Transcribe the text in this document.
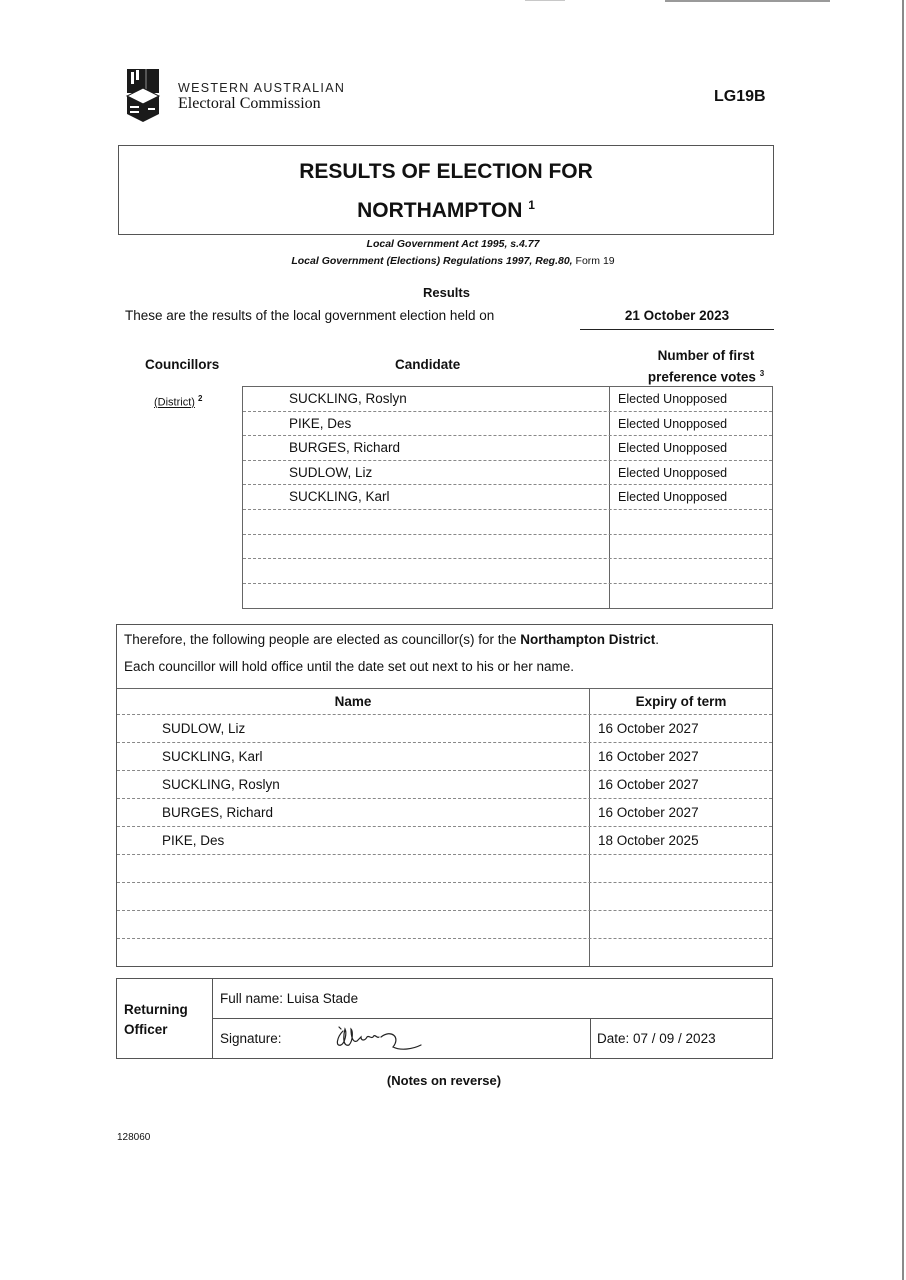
WESTERN AUSTRALIAN
Electoral Commission	LG19B
RESULTS OF ELECTION FOR
NORTHAMPTON $^1$
Local Government Act 1995, s.4.77
Local Government (Elections) Regulations 1997, Reg.80, Form 19
Results
These are the results of the local government election held on	21 October 2023
Councillors	Candidate
Number of first
preference votes $^3$
(District) $^2$	SUCKLING, Roslyn	Elected Unopposed
PIKE, Des	Elected Unopposed
BURGES, Richard	Elected Unopposed
SUDLOW, Liz	Elected Unopposed
SUCKLING, Karl	Elected Unopposed
Therefore, the following people are elected as councillor(s) for the Northampton District.
Each councillor will hold office until the date set out next to his or her name.
Name	Expiry of term
SUDLOW, Liz	16 October 2027
SUCKLING, Karl	16 October 2027
SUCKLING, Roslyn	16 October 2027
BURGES, Richard	16 October 2027
PIKE, Des	18 October 2025
Returning
Officer
Full name: Luisa Stade
Signature:	Date: 07 / 09 / 2023
(Notes on reverse)
128060
